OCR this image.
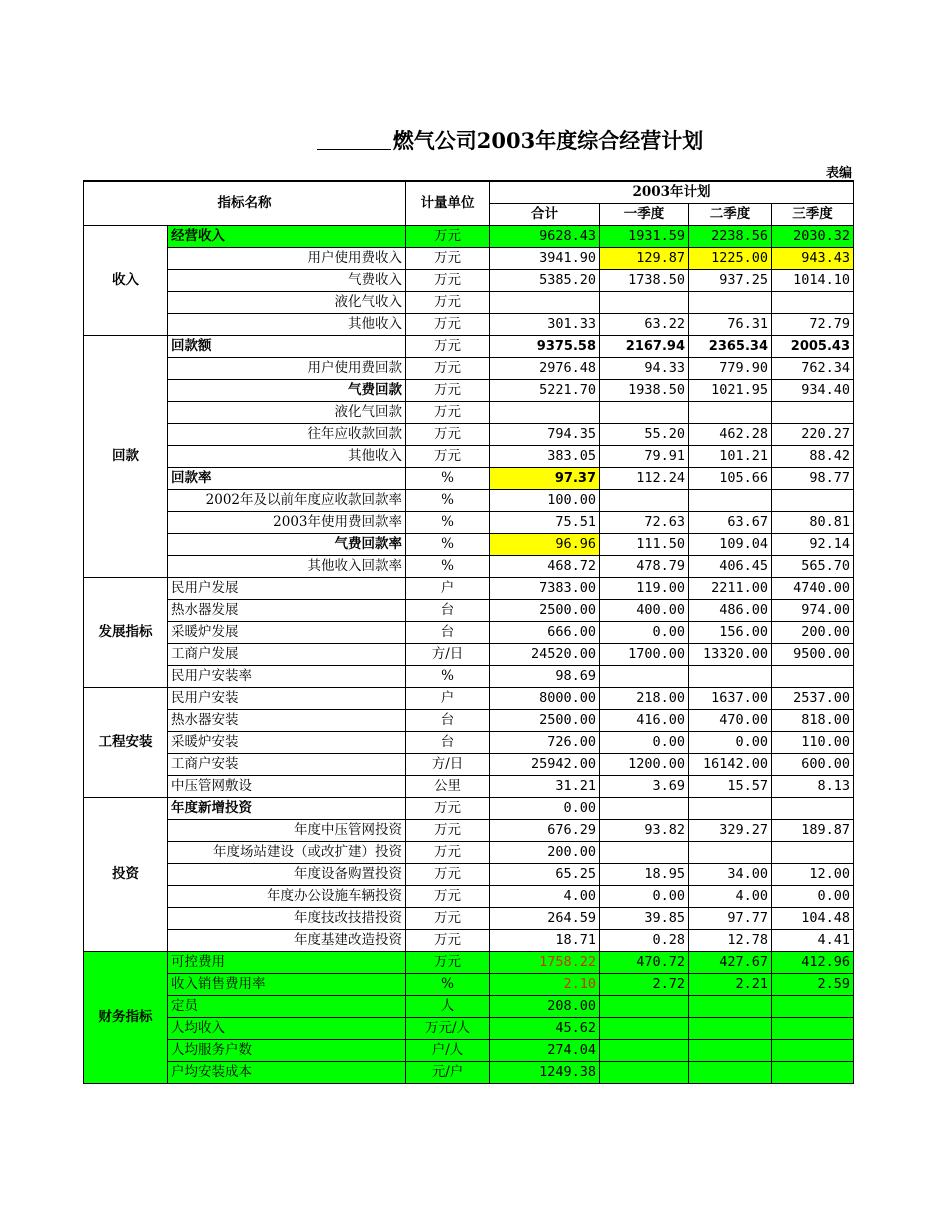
燃气公司2003年度综合经营计划
表编
指标名称		计量单位	2003年计划			
			合计	一季度	二季度	三季度
收入	经营收入	万元	9628.43	1931.59	2238.56	2030.32
	用户使用费收入	万元	3941.90	129.87	1225.00	943.43
	气费收入	万元	5385.20	1738.50	937.25	1014.10
	液化气收入	万元				
	其他收入	万元	301.33	63.22	76.31	72.79
回款	回款额	万元	9375.58	2167.94	2365.34	2005.43
	用户使用费回款	万元	2976.48	94.33	779.90	762.34
	气费回款	万元	5221.70	1938.50	1021.95	934.40
	液化气回款	万元				
	往年应收款回款	万元	794.35	55.20	462.28	220.27
	其他收入	万元	383.05	79.91	101.21	88.42
	回款率	%	97.37	112.24	105.66	98.77
	2002年及以前年度应收款回款率	%	100.00			
	2003年使用费回款率	%	75.51	72.63	63.67	80.81
	气费回款率	%	96.96	111.50	109.04	92.14
	其他收入回款率	%	468.72	478.79	406.45	565.70
发展指标	民用户发展	户	7383.00	119.00	2211.00	4740.00
	热水器发展	台	2500.00	400.00	486.00	974.00
	采暖炉发展	台	666.00	0.00	156.00	200.00
	工商户发展	方/日	24520.00	1700.00	13320.00	9500.00
	民用户安装率	%	98.69			
工程安装	民用户安装	户	8000.00	218.00	1637.00	2537.00
	热水器安装	台	2500.00	416.00	470.00	818.00
	采暖炉安装	台	726.00	0.00	0.00	110.00
	工商户安装	方/日	25942.00	1200.00	16142.00	600.00
	中压管网敷设	公里	31.21	3.69	15.57	8.13
投资	年度新增投资	万元	0.00			
	年度中压管网投资	万元	676.29	93.82	329.27	189.87
	年度场站建设（或改扩建）投资	万元	200.00			
	年度设备购置投资	万元	65.25	18.95	34.00	12.00
	年度办公设施车辆投资	万元	4.00	0.00	4.00	0.00
	年度技改技措投资	万元	264.59	39.85	97.77	104.48
	年度基建改造投资	万元	18.71	0.28	12.78	4.41
财务指标	可控费用	万元	1758.22	470.72	427.67	412.96
	收入销售费用率	%	2.10	2.72	2.21	2.59
	定员	人	208.00			
	人均收入	万元/人	45.62			
	人均服务户数	户/人	274.04			
	户均安装成本	元/户	1249.38			
